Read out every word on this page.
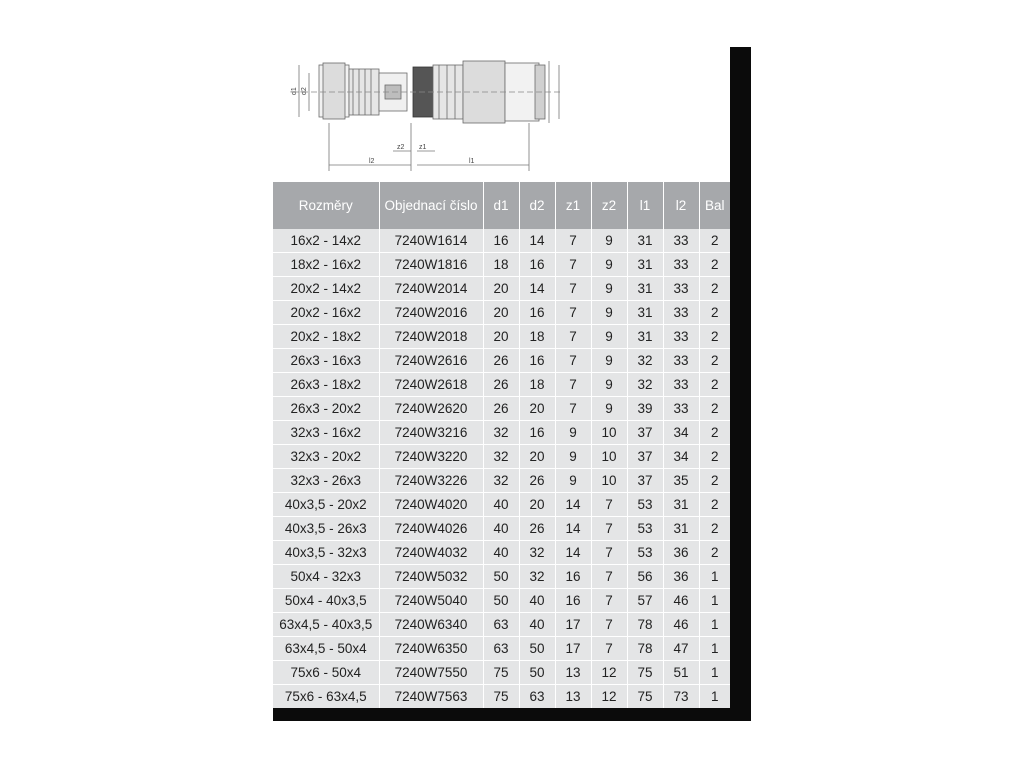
d1 d2
z1
z2
l1
l2
Rozměry	Objednací číslo	d1	d2	z1	z2	l1	l2	Bal
16x2 - 14x2	7240W1614	16	14	7	9	31	33	2
18x2 - 16x2	7240W1816	18	16	7	9	31	33	2
20x2 - 14x2	7240W2014	20	14	7	9	31	33	2
20x2 - 16x2	7240W2016	20	16	7	9	31	33	2
20x2 - 18x2	7240W2018	20	18	7	9	31	33	2
26x3 - 16x3	7240W2616	26	16	7	9	32	33	2
26x3 - 18x2	7240W2618	26	18	7	9	32	33	2
26x3 - 20x2	7240W2620	26	20	7	9	39	33	2
32x3 - 16x2	7240W3216	32	16	9	10	37	34	2
32x3 - 20x2	7240W3220	32	20	9	10	37	34	2
32x3 - 26x3	7240W3226	32	26	9	10	37	35	2
40x3,5 - 20x2	7240W4020	40	20	14	7	53	31	2
40x3,5 - 26x3	7240W4026	40	26	14	7	53	31	2
40x3,5 - 32x3	7240W4032	40	32	14	7	53	36	2
50x4 - 32x3	7240W5032	50	32	16	7	56	36	1
50x4 - 40x3,5	7240W5040	50	40	16	7	57	46	1
63x4,5 - 40x3,5	7240W6340	63	40	17	7	78	46	1
63x4,5 - 50x4	7240W6350	63	50	17	7	78	47	1
75x6 - 50x4	7240W7550	75	50	13	12	75	51	1
75x6 - 63x4,5	7240W7563	75	63	13	12	75	73	1
